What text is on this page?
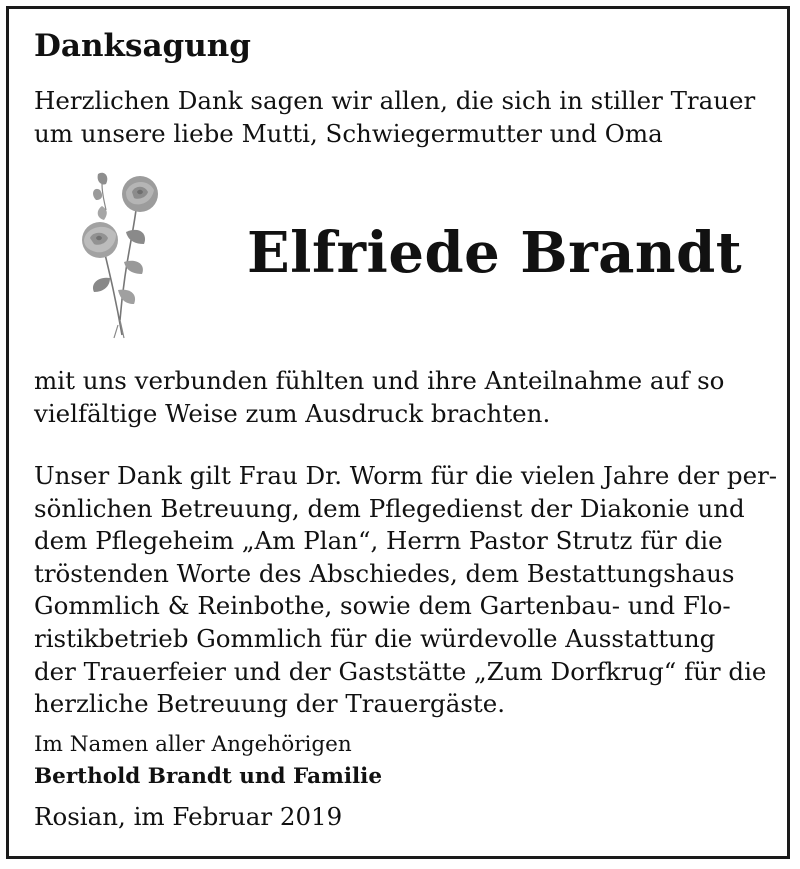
Danksagung
Herzlichen Dank sagen wir allen, die sich in stiller Trauer
um unsere liebe Mutti, Schwiegermutter und Oma
Elfriede Brandt
mit uns verbunden fühlten und ihre Anteilnahme auf so
vielfältige Weise zum Ausdruck brachten.
Unser Dank gilt Frau Dr. Worm für die vielen Jahre der per-
sönlichen Betreuung, dem Pflegedienst der Diakonie und
dem Pflegeheim „Am Plan“, Herrn Pastor Strutz für die
tröstenden Worte des Abschiedes, dem Bestattungshaus
Gommlich & Reinbothe, sowie dem Gartenbau- und Flo-
ristikbetrieb Gommlich für die würdevolle Ausstattung
der Trauerfeier und der Gaststätte „Zum Dorfkrug“ für die
herzliche Betreuung der Trauergäste.
Im Namen aller Angehörigen
Berthold Brandt und Familie
Rosian, im Februar 2019
